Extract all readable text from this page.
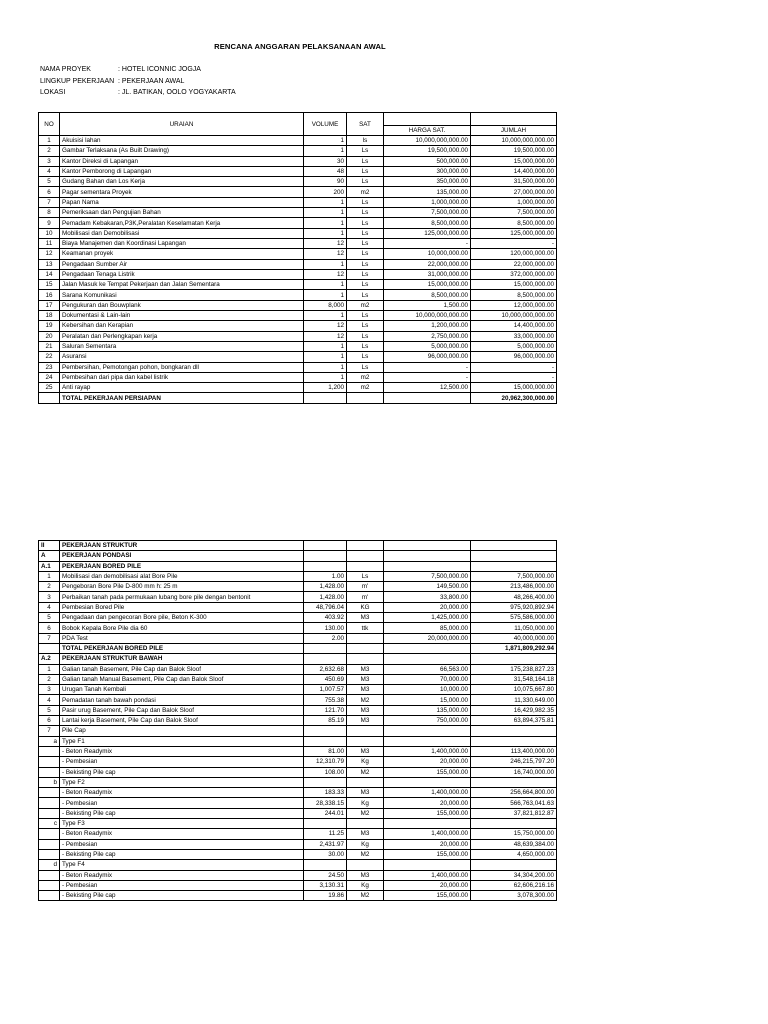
RENCANA ANGGARAN PELAKSANAAN AWAL
NAMA PROYEK	: HOTEL ICONNIC JOGJA
LINGKUP PEKERJAAN : PEKERJAAN AWAL
LOKASI	: JL. BATIKAN, OOLO YOGYAKARTA
NO	URAIAN	VOLUME	SAT		
				HARGA SAT.	JUMLAH
1	Akuisisi lahan	1	ls	10,000,000,000.00	10,000,000,000.00
2	Gambar Terlaksana (As Built Drawing)	1	Ls	19,500,000.00	19,500,000.00
3	Kantor Direksi di Lapangan	30	Ls	500,000.00	15,000,000.00
4	Kantor Pemborong di Lapangan	48	Ls	300,000.00	14,400,000.00
5	Gudang Bahan dan Los Kerja	90	Ls	350,000.00	31,500,000.00
6	Pagar sementara Proyek	200	m2	135,000.00	27,000,000.00
7	Papan Nama	1	Ls	1,000,000.00	1,000,000.00
8	Pemeriksaan dan Pengujian Bahan	1	Ls	7,500,000.00	7,500,000.00
9	Pemadam Kebakaran,P3K,Peralatan Keselamatan Kerja	1	Ls	8,500,000.00	8,500,000.00
10	Mobilisasi dan Demobilisasi	1	Ls	125,000,000.00	125,000,000.00
11	Biaya Manajemen dan Koordinasi Lapangan	12	Ls	-	-
12	Keamanan proyek	12	Ls	10,000,000.00	120,000,000.00
13	Pengadaan Sumber Air	1	Ls	22,000,000.00	22,000,000.00
14	Pengadaan Tenaga Listrik	12	Ls	31,000,000.00	372,000,000.00
15	Jalan Masuk ke Tempat Pekerjaan dan Jalan Sementara	1	Ls	15,000,000.00	15,000,000.00
16	Sarana Komunikasi	1	Ls	8,500,000.00	8,500,000.00
17	Pengukuran dan Bouwplank	8,000	m2	1,500.00	12,000,000.00
18	Dokumentasi & Lain-lain	1	Ls	10,000,000,000.00	10,000,000,000.00
19	Kebersihan dan Kerapian	12	Ls	1,200,000.00	14,400,000.00
20	Peralatan dan Perlengkapan kerja	12	Ls	2,750,000.00	33,000,000.00
21	Saluran Sementara	1	Ls	5,000,000.00	5,000,000.00
22	Asuransi	1	Ls	96,000,000.00	96,000,000.00
23	Pembersihan, Pemotongan pohon, bongkaran dll	1	Ls	-	-
24	Pembesihan dari pipa dan kabel listrik	1	m2	-	-
25	Anti rayap	1,200	m2	12,500.00	15,000,000.00
	TOTAL PEKERJAAN PERSIAPAN				20,962,300,000.00
II	PEKERJAAN STRUKTUR				
A	PEKERJAAN PONDASI				
A.1	PEKERJAAN BORED PILE				
1	Mobilisasi dan demobilisasi alat Bore Pile	1.00	Ls	7,500,000.00	7,500,000.00
2	Pengeboran Bore Pile D-800 mm h: 25 m	1,428.00	m'	149,500.00	213,486,000.00
3	Perbaikan tanah pada permukaan lubang bore pile dengan bentonit	1,428.00	m'	33,800.00	48,266,400.00
4	Pembesian Bored Pile	48,796.04	KG	20,000.00	975,920,892.94
5	Pengadaan dan pengecoran Bore pile, Beton K-300	403.92	M3	1,425,000.00	575,586,000.00
6	Bobok Kepala Bore Pile dia 60	130.00	ttk	85,000.00	11,050,000.00
7	PDA Test	2.00		20,000,000.00	40,000,000.00
	TOTAL PEKERJAAN BORED PILE				1,871,809,292.94
A.2	PEKERJAAN STRUKTUR BAWAH				
1	Galian tanah Basement, Pile Cap dan Balok Sloof	2,632.68	M3	66,563.00	175,238,827.23
2	Galian tanah Manual Basement, Pile Cap dan Balok Sloof	450.69	M3	70,000.00	31,548,164.18
3	Urugan Tanah Kembali	1,007.57	M3	10,000.00	10,075,667.80
4	Pemadatan tanah bawah pondasi	755.38	M2	15,000.00	11,330,649.00
5	Pasir urug Basement, Pile Cap dan Balok Sloof	121.70	M3	135,000.00	16,429,982.35
6	Lantai kerja Basement, Pile Cap dan Balok Sloof	85.19	M3	750,000.00	63,894,375.81
7	Pile Cap				
a	Type F1				
	- Beton Readymix	81.00	M3	1,400,000.00	113,400,000.00
	- Pembesian	12,310.79	Kg	20,000.00	246,215,797.20
	- Bekisting Pile cap	108.00	M2	155,000.00	16,740,000.00
b	Type F2				
	- Beton Readymix	183.33	M3	1,400,000.00	256,664,800.00
	- Pembesian	28,338.15	Kg	20,000.00	566,763,041.63
	- Bekisting Pile cap	244.01	M2	155,000.00	37,821,812.87
c	Type F3				
	- Beton Readymix	11.25	M3	1,400,000.00	15,750,000.00
	- Pembesian	2,431.97	Kg	20,000.00	48,639,384.00
	- Bekisting Pile cap	30.00	M2	155,000.00	4,650,000.00
d	Type F4				
	- Beton Readymix	24.50	M3	1,400,000.00	34,304,200.00
	- Pembesian	3,130.31	Kg	20,000.00	62,606,216.16
	- Bekisting Pile cap	19.86	M2	155,000.00	3,078,300.00
